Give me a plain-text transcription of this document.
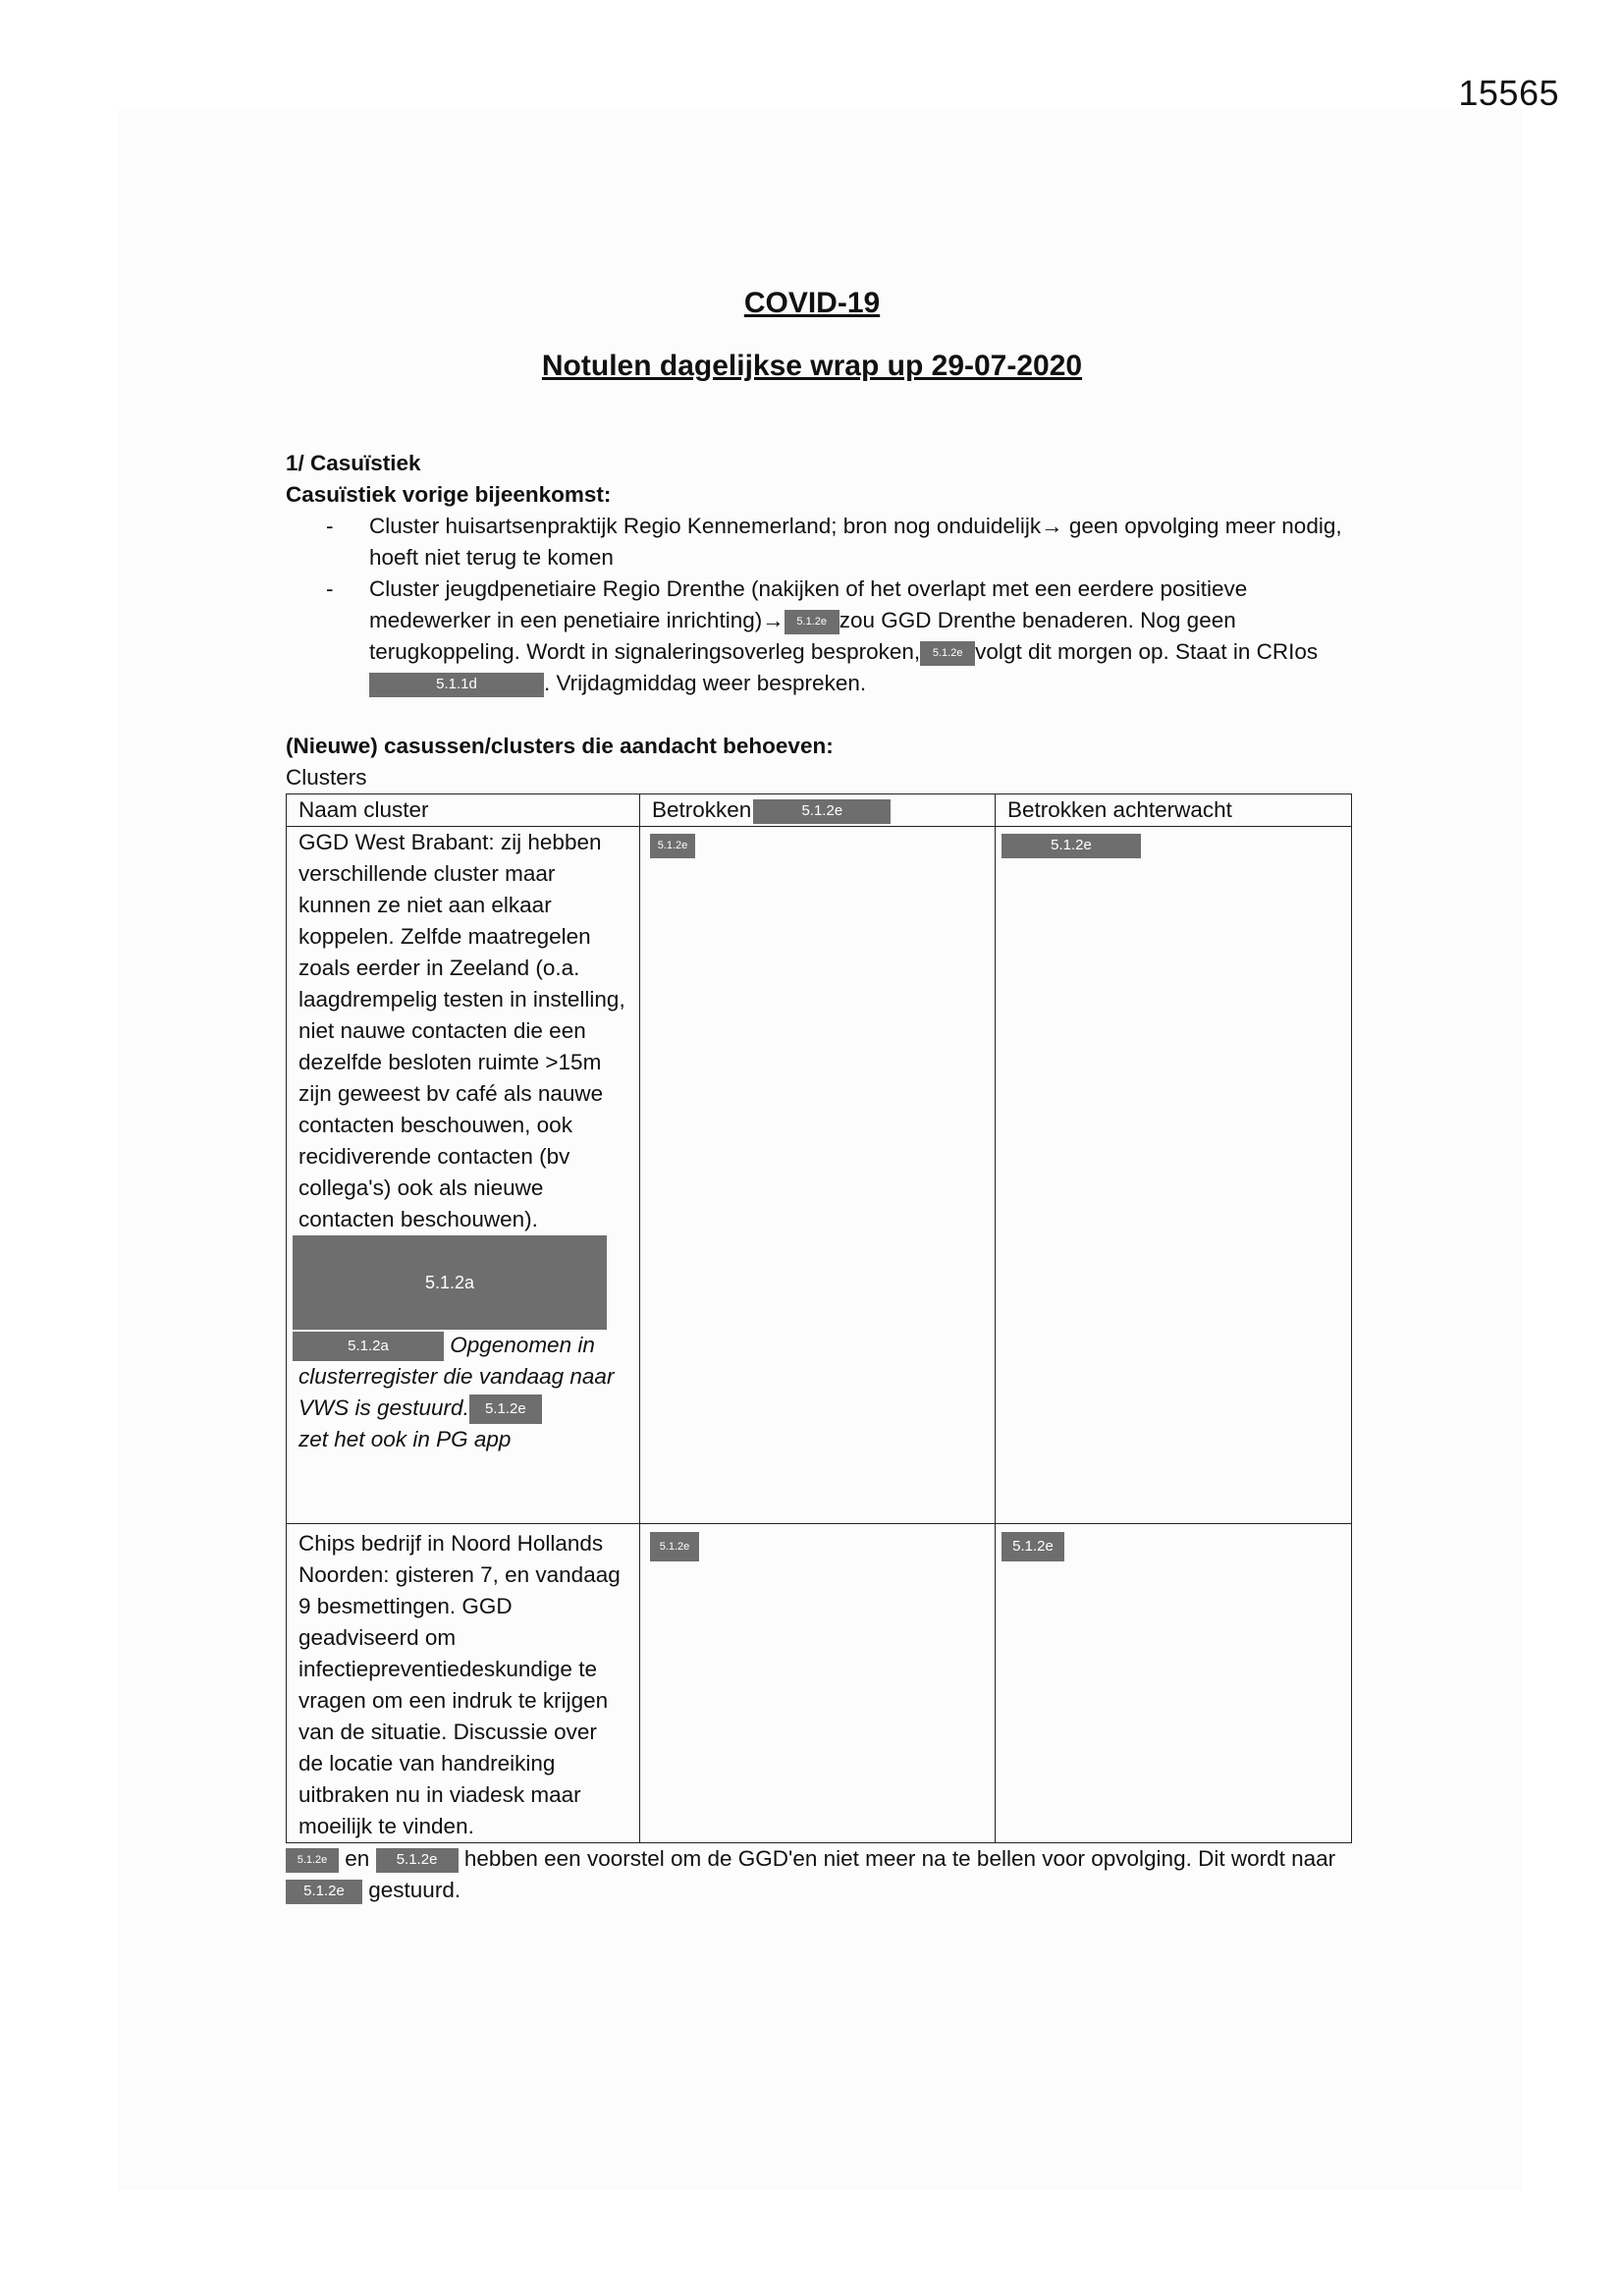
15565
COVID-19
Notulen dagelijkse wrap up 29-07-2020
1/ Casuïstiek
Casuïstiek vorige bijeenkomst:
- Cluster huisartsenpraktijk Regio Kennemerland; bron nog onduidelijk→ geen opvolging meer nodig, hoeft niet terug te komen
- Cluster jeugdpenetiaire Regio Drenthe (nakijken of het overlapt met een eerdere positieve medewerker in een penetiaire inrichting)→ 5.1.2e zou GGD Drenthe benaderen. Nog geen terugkoppeling. Wordt in signaleringsoverleg besproken, 5.1.2e volgt dit morgen op. Staat in CRIos 5.1.1d	. Vrijdagmiddag weer bespreken.
(Nieuwe) casussen/clusters die aandacht behoeven:
Clusters
Naam cluster	Betrokken 5.1.2e	Betrokken achterwacht

GGD West Brabant: zij hebben verschillende cluster maar kunnen ze niet aan elkaar koppelen. Zelfde maatregelen zoals eerder in Zeeland (o.a. laagdrempelig testen in instelling, niet nauwe contacten die een dezelfde besloten ruimte >15m zijn geweest bv café als nauwe contacten beschouwen, ook recidiverende contacten (bv collega's) ook als nieuwe contacten beschouwen).
5.1.2a
5.1.2a Opgenomen in clusterregister die vandaag naar VWS is gestuurd. 5.1.2e
zet het ook in PG app	5.1.2e	5.1.2e
Chips bedrijf in Noord Hollands Noorden: gisteren 7, en vandaag 9 besmettingen. GGD geadviseerd om infectiepreventiedeskundige te vragen om een indruk te krijgen van de situatie. Discussie over de locatie van handreiking uitbraken nu in viadesk maar moeilijk te vinden.	5.1.2e	5.1.2e
5.1.2e en 5.1.2e hebben een voorstel om de GGD'en niet meer na te bellen voor opvolging. Dit wordt naar5.1.2e gestuurd.
